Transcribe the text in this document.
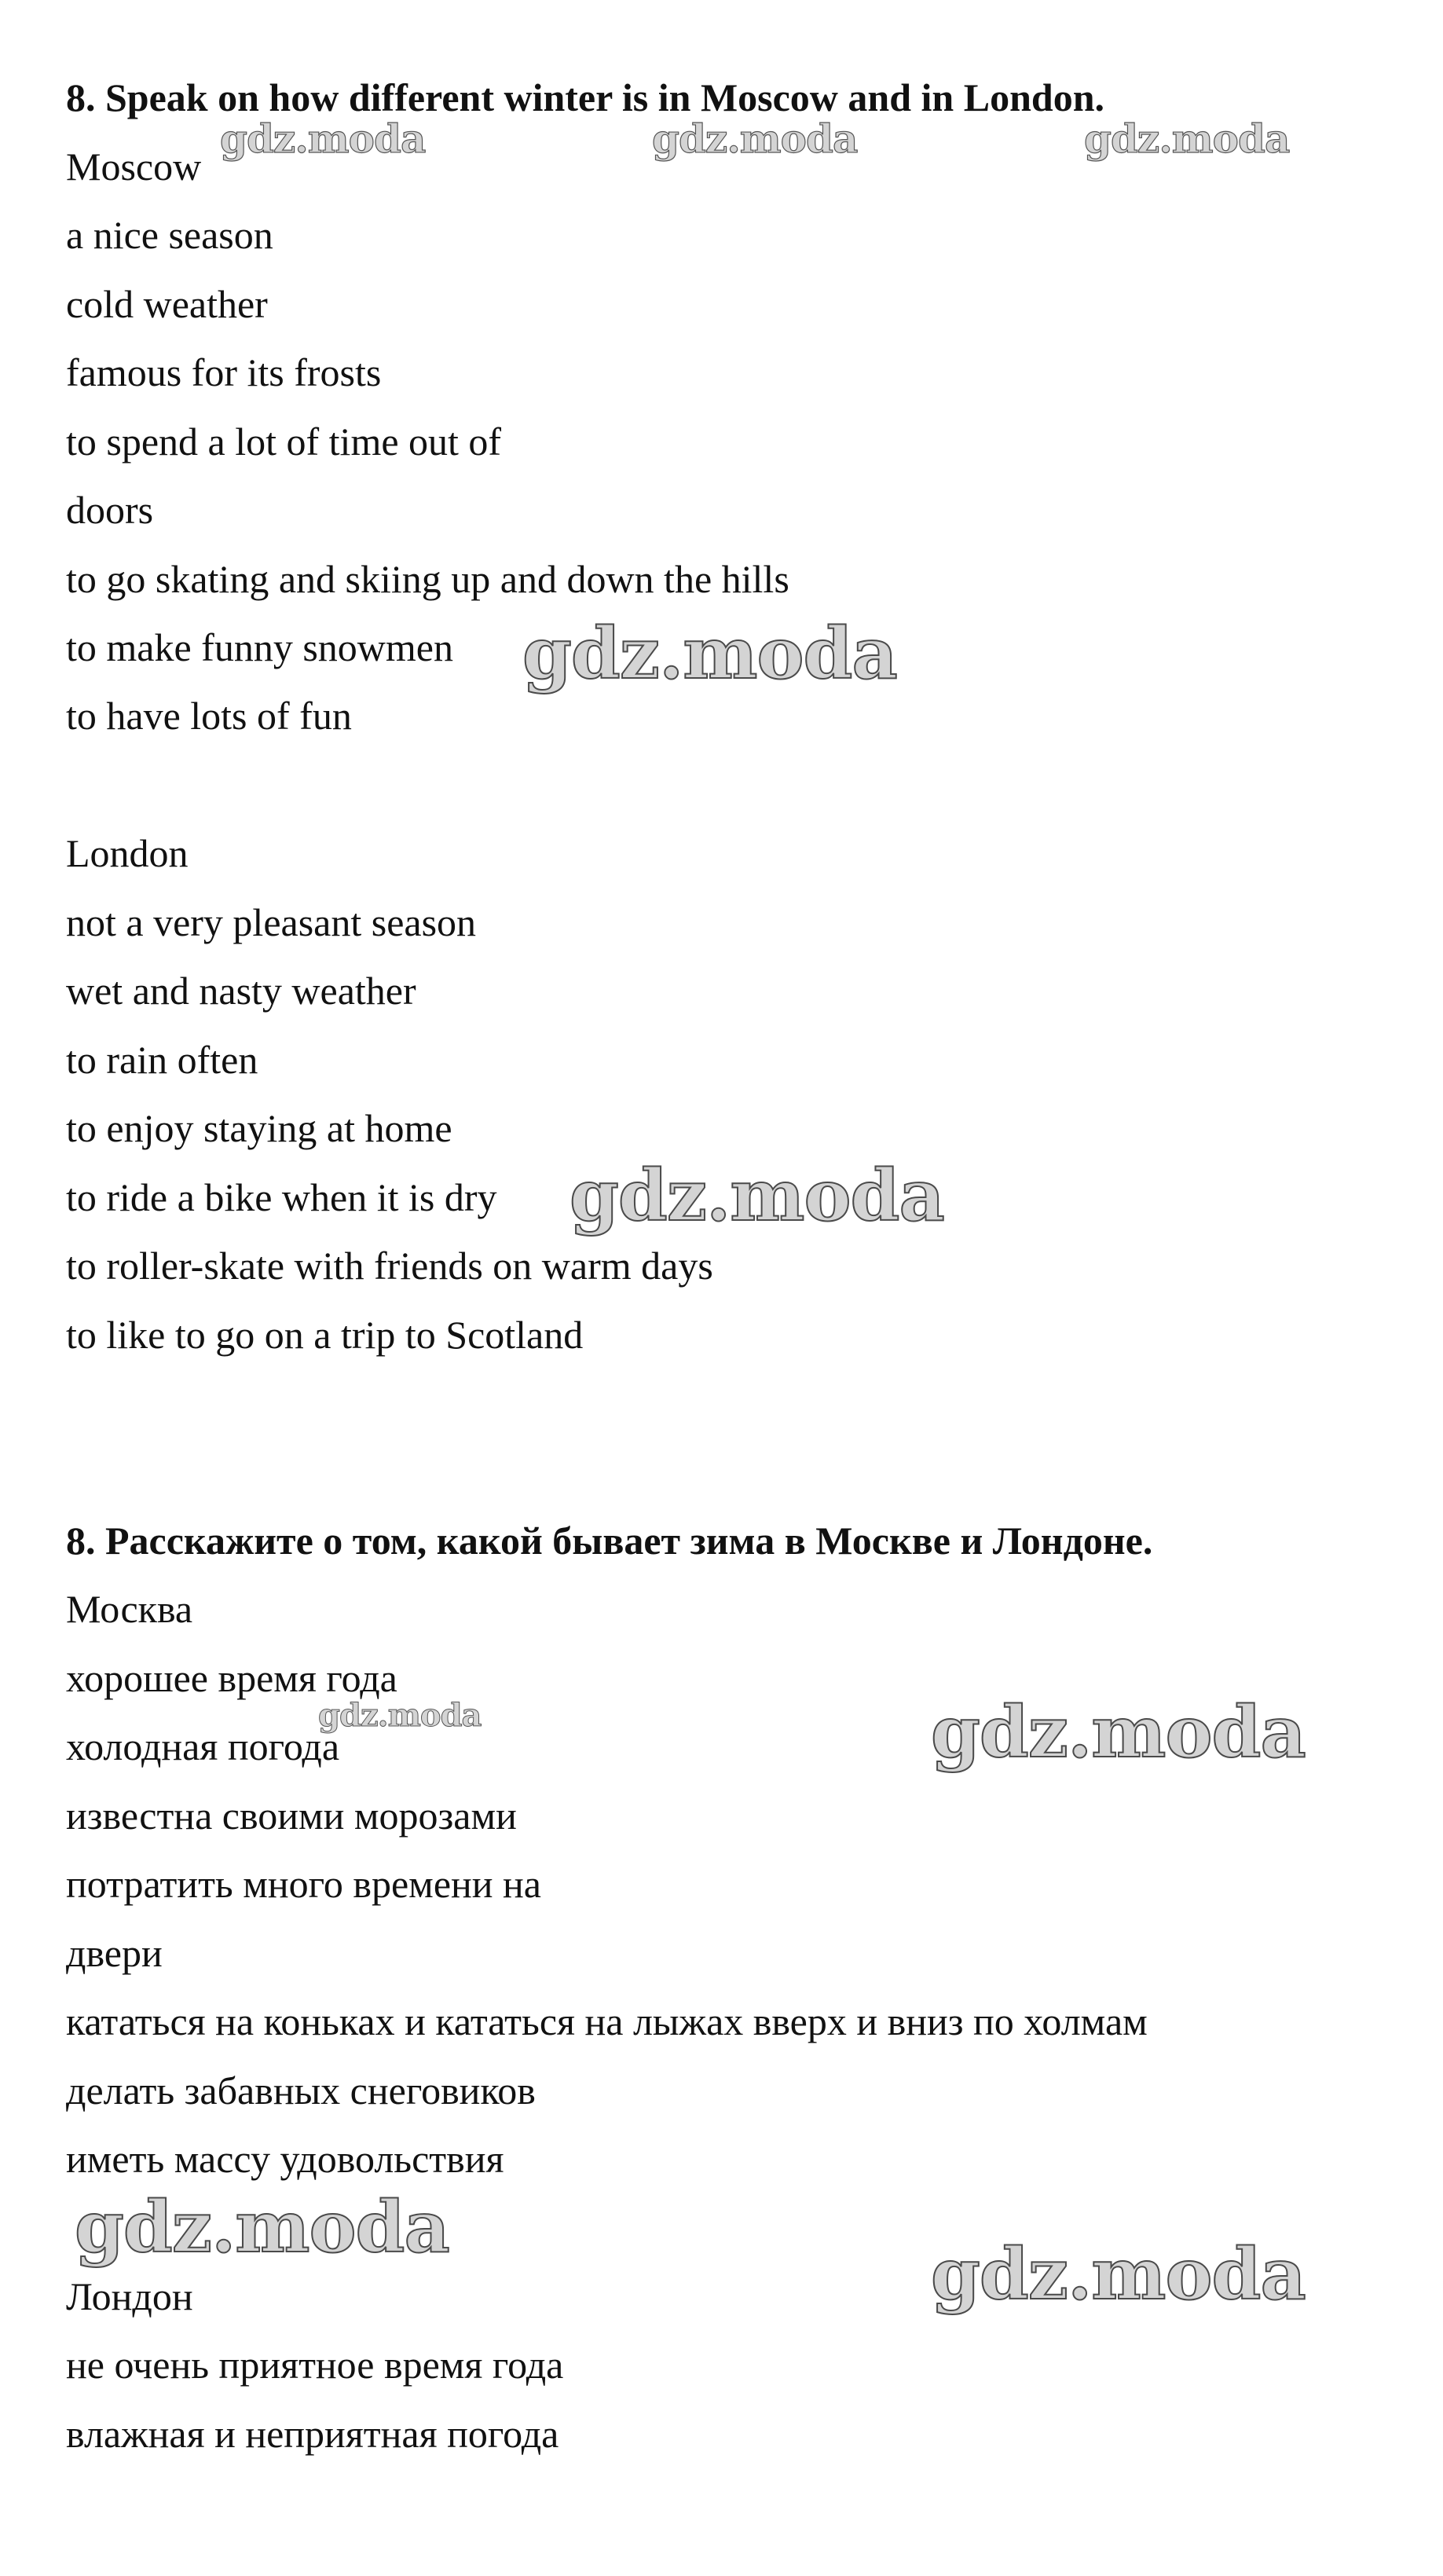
8. Speak on how different winter is in Moscow and in London.
Moscow
a nice season
cold weather
famous for its frosts
to spend a lot of time out of
doors
to go skating and skiing up and down the hills
to make funny snowmen
to have lots of fun
London
not a very pleasant season
wet and nasty weather
to rain often
to enjoy staying at home
to ride a bike when it is dry
to roller-skate with friends on warm days
to like to go on a trip to Scotland
8. Расскажите о том, какой бывает зима в Москве и Лондоне.
Москва
хорошее время года
холодная погода
известна своими морозами
потратить много времени на
двери
кататься на коньках и кататься на лыжах вверх и вниз по холмам
делать забавных снеговиков
иметь массу удовольствия
Лондон
не очень приятное время года
влажная и неприятная погода
gdz.moda	gdz.moda	gdz.moda
gdz.moda
gdz.moda
gdz.moda	gdz.moda
gdz.moda
gdz.moda
